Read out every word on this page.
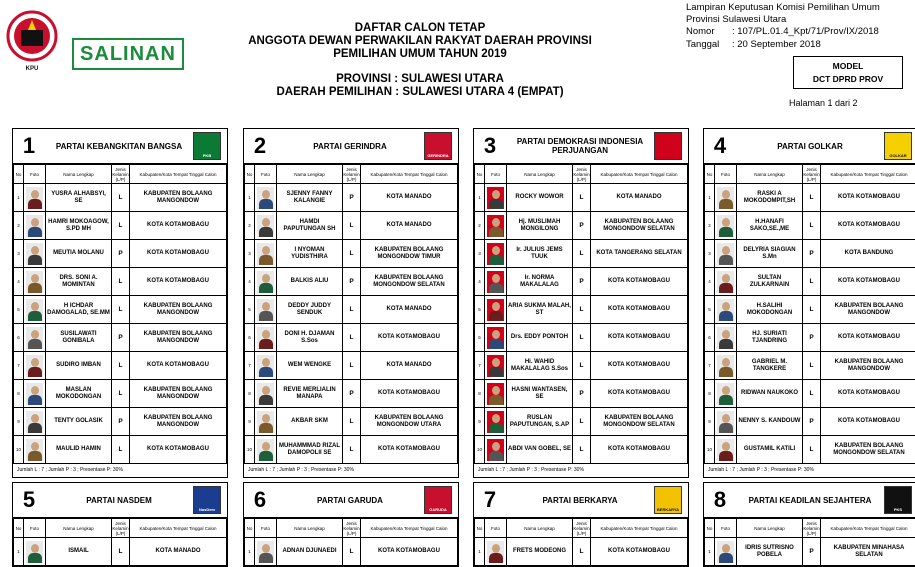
KPU
SALINAN
DAFTAR CALON TETAP
ANGGOTA DEWAN PERWAKILAN RAKYAT DAERAH PROVINSI
PEMILIHAN UMUM TAHUN 2019
PROVINSI : SULAWESI UTARA
DAERAH PEMILIHAN : SULAWESI UTARA 4 (EMPAT)
Lampiran Keputusan Komisi Pemilihan Umum
Provinsi Sulawesi Utara
Nomor	: 107/PL.01.4_Kpt/71/Prov/IX/2018
Tanggal	: 20 September 2018
MODEL
DCT DPRD PROV
Halaman 1 dari 2
1	PARTAI KEBANGKITAN BANGSA
PKB
No	Foto	Nama Lengkap	Jenis Kelamin (L/P)	Kabupaten/Kota Tempat Tinggal Calon
1		YUSRA ALHABSYI, SE	L	KABUPATEN BOLAANG MANGONDOW
2		HAMRI MOKOAGOW, S.PD MH	L	KOTA KOTAMOBAGU
3		MEUTIA MOLANU	P	KOTA KOTAMOBAGU
4		DRS. SONI A. MOMINTAN	L	KOTA KOTAMOBAGU
5		H ICHDAR DAMOGALAD, SE.MM	L	KABUPATEN BOLAANG MANGONDOW
6		SUSILAWATI GONIBALA	P	KABUPATEN BOLAANG MANGONDOW
7		SUDIRO IMBAN	L	KOTA KOTAMOBAGU
8		MASLAN MOKODONGAN	L	KABUPATEN BOLAANG MANGONDOW
9		TENTY GOLASIK	P	KABUPATEN BOLAANG MANGONDOW
10		MAULID HAMIN	L	KOTA KOTAMOBAGU
Jumlah L : 7 ; Jumlah P : 3 ; Presentase P: 30%
2	PARTAI GERINDRA
GERINDRA
No	Foto	Nama Lengkap	Jenis Kelamin (L/P)	Kabupaten/Kota Tempat Tinggal Calon
1		SJENNY FANNY KALANGIE	P	KOTA MANADO
2		HAMDI PAPUTUNGAN SH	L	KOTA MANADO
3		I NYOMAN YUDISTHIRA	L	KABUPATEN BOLAANG MONGONDOW TIMUR
4		BALKIS ALIU	P	KABUPATEN BOLAANG MONGONDOW SELATAN
5		DEDDY JUDDY SENDUK	L	KOTA MANADO
6		DONI H. DJAMAN S.Sos	L	KOTA KOTAMOBAGU
7		WEM WENGKE	L	KOTA MANADO
8		REVIE MERLIALIN MANAPA	P	KOTA KOTAMOBAGU
9		AKBAR SKM	L	KABUPATEN BOLAANG MONGONDOW UTARA
10		MUHAMMMAD RIZAL DAMOPOLII SE	L	KOTA KOTAMOBAGU
Jumlah L : 7 ; Jumlah P : 3 ; Presentase P: 30%
3	PARTAI DEMOKRASI INDONESIA PERJUANGAN
No	Foto	Nama Lengkap	Jenis Kelamin (L/P)	Kabupaten/Kota Tempat Tinggal Calon
1		ROCKY WOWOR	L	KOTA MANADO
2		Hj. MUSLIMAH MONGILONG	P	KABUPATEN BOLAANG MONGONDOW SELATAN
3		Ir. JULIUS JEMS TUUK	L	KOTA TANGERANG SELATAN
4		Ir. NORMA MAKALALAG	P	KOTA KOTAMOBAGU
5		ARIA SUKMA MALAH, ST	L	KOTA KOTAMOBAGU
6		Drs. EDDY PONTOH	L	KOTA KOTAMOBAGU
7		Hi. WAHID MAKALALAG S.Sos	L	KOTA KOTAMOBAGU
8		HASNI WANTASEN, SE	P	KOTA KOTAMOBAGU
9		RUSLAN PAPUTUNGAN, S.AP	L	KABUPATEN BOLAANG MONGONDOW SELATAN
10		ABDI VAN GOBEL, SE	L	KOTA KOTAMOBAGU
Jumlah L : 7 ; Jumlah P : 3 ; Presentase P: 30%
4	PARTAI GOLKAR
GOLKAR
No	Foto	Nama Lengkap	Jenis Kelamin (L/P)	Kabupaten/Kota Tempat Tinggal Calon
1		RASKI A MOKODOMPIT,SH	L	KOTA KOTAMOBAGU
2		H.HANAFI SAKO,SE.,ME	L	KOTA KOTAMOBAGU
3		DELYRIA SIAGIAN S.Mn	P	KOTA BANDUNG
4		SULTAN ZULKARNAIN	L	KOTA KOTAMOBAGU
5		H.SALIHI MOKODONGAN	L	KABUPATEN BOLAANG MANGONDOW
6		HJ. SURIATI TJANDRING	P	KOTA KOTAMOBAGU
7		GABRIEL M. TANGKERE	L	KABUPATEN BOLAANG MANGONDOW
8		RIDWAN NAUKOKO	L	KOTA KOTAMOBAGU
9		NENNY S. KANDOUW	P	KOTA KOTAMOBAGU
10		GUSTAMIL KATILI	L	KABUPATEN BOLAANG MONGONDOW SELATAN
Jumlah L : 7 ; Jumlah P : 3 ; Presentase P: 30%
5	PARTAI NASDEM
NasDem
No	Foto	Nama Lengkap	Jenis Kelamin (L/P)	Kabupaten/Kota Tempat Tinggal Calon
1		ISMAIL	L	KOTA MANADO
6	PARTAI GARUDA
GARUDA
No	Foto	Nama Lengkap	Jenis Kelamin (L/P)	Kabupaten/Kota Tempat Tinggal Calon
1		ADNAN DJUNAEDI	L	KOTA KOTAMOBAGU
7	PARTAI BERKARYA
BERKARYA
No	Foto	Nama Lengkap	Jenis Kelamin (L/P)	Kabupaten/Kota Tempat Tinggal Calon
1		FRETS MODEONG	L	KOTA KOTAMOBAGU
8	PARTAI KEADILAN SEJAHTERA
PKS
No	Foto	Nama Lengkap	Jenis Kelamin (L/P)	Kabupaten/Kota Tempat Tinggal Calon
1		IDRIS SUTRISNO POBELA	P	KABUPATEN MINAHASA SELATAN
